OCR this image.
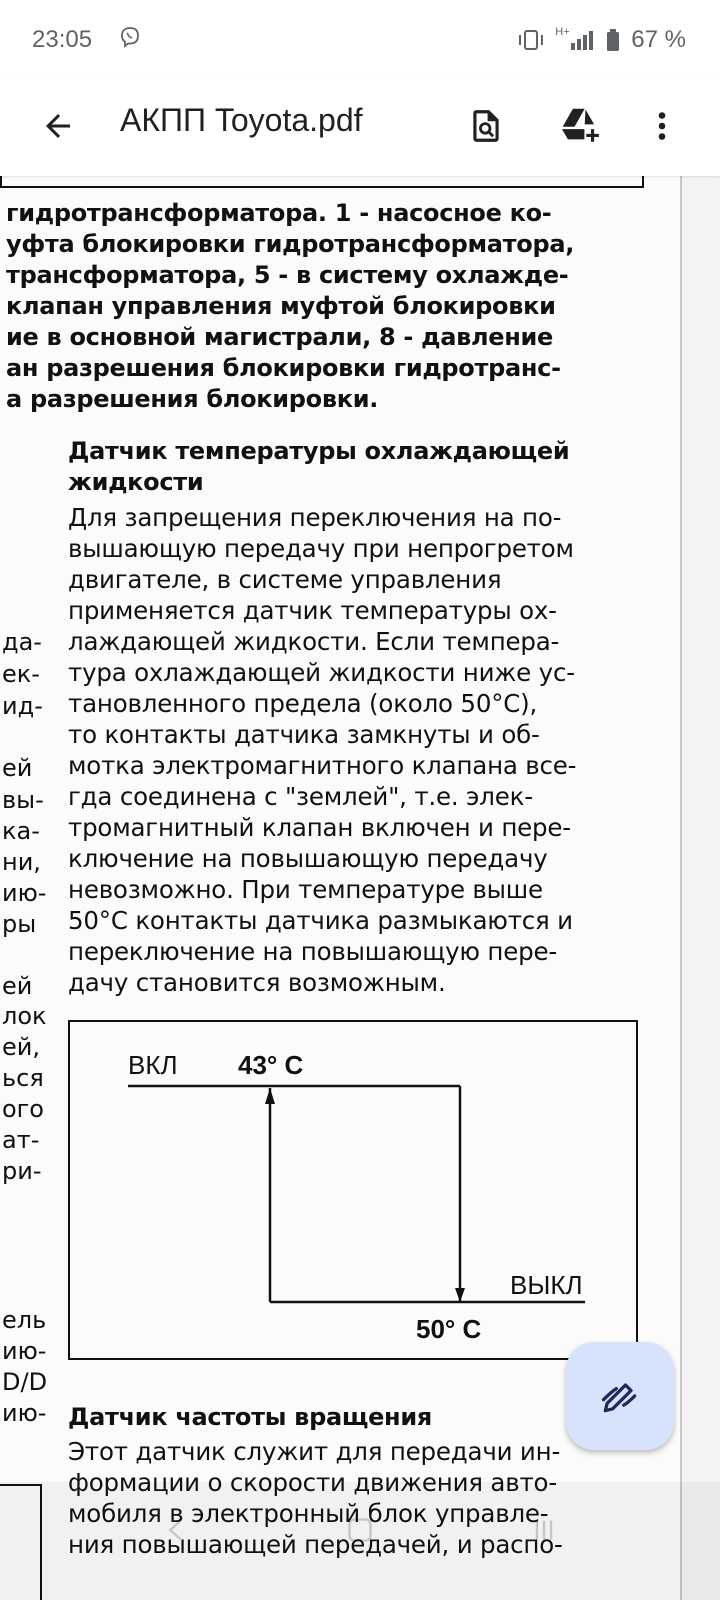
23:05	H+	67 %
АКПП Toyota.pdf
гидротрансформатора. 1 - насосное ко-
уфта блокировки гидротрансформатора,
трансформатора, 5 - в систему охлажде-
клапан управления муфтой блокировки
ие в основной магистрали, 8 - давление
ан разрешения блокировки гидротранс-
а разрешения блокировки.
да-
ек-
ид-
ей
вы-
ка-
ни,
ию-
ры
ей
лок
ей,
ься
ого
ат-
ри-
ель
ию-
D/D
ию-
Датчик температуры охлаждающей
жидкости
Для запрещения переключения на по-
вышающую передачу при непрогретом
двигателе, в системе управления
применяется датчик температуры ох-
лаждающей жидкости. Если темпера-
тура охлаждающей жидкости ниже ус-
тановленного предела (около 50°С),
то контакты датчика замкнуты и об-
мотка электромагнитного клапана все-
гда соединена с "землей", т.е. элек-
тромагнитный клапан включен и пере-
ключение на повышающую передачу
невозможно. При температуре выше
50°С контакты датчика размыкаются и
переключение на повышающую пере-
дачу становится возможным.
ВКЛ 43° С
ВЫКЛ
50° С
Датчик частоты вращения
Этот датчик служит для передачи ин-
формации о скорости движения авто-
мобиля в электронный блок управле-
ния повышающей передачей, и распо-
